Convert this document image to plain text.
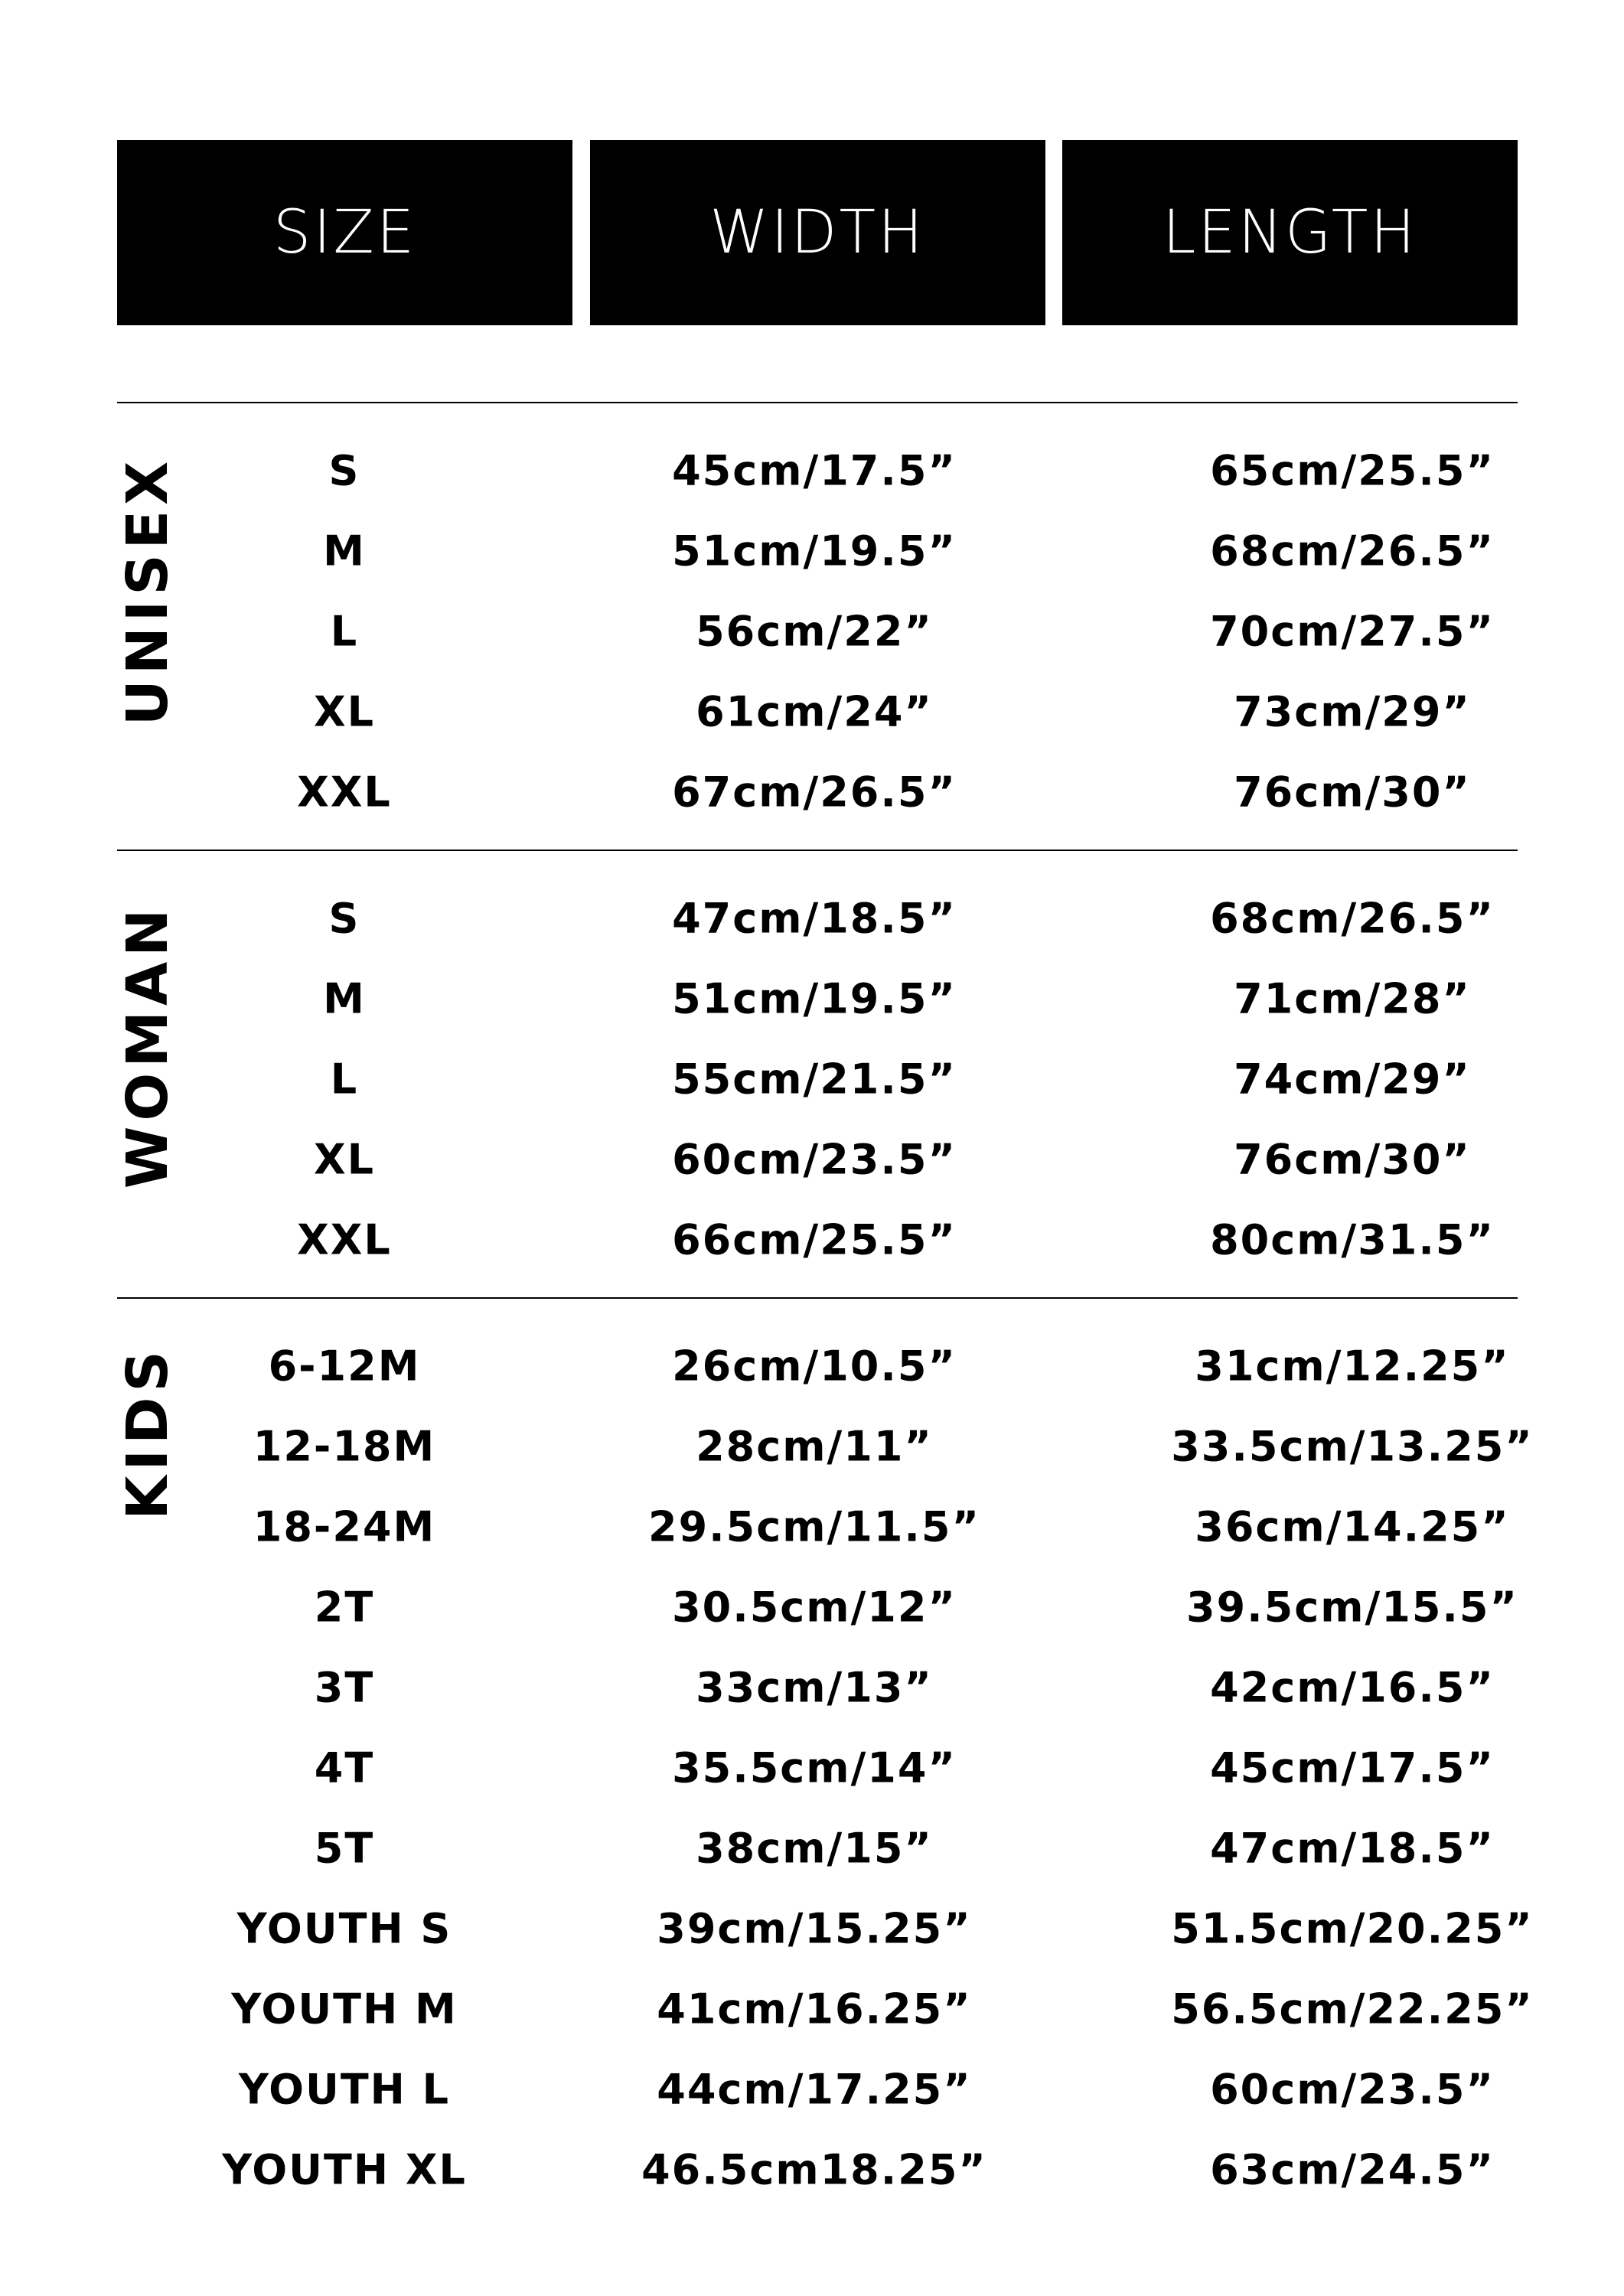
SIZE	WIDTH	LENGTH
UNISEX	S	45cm/17.5”	65cm/25.5”
M	51cm/19.5”	68cm/26.5”
L	56cm/22”	70cm/27.5”
XL	61cm/24”	73cm/29”
XXL	67cm/26.5”	76cm/30”
WOMAN	S	47cm/18.5”	68cm/26.5”
M	51cm/19.5”	71cm/28”
L	55cm/21.5”	74cm/29”
XL	60cm/23.5”	76cm/30”
XXL	66cm/25.5”	80cm/31.5”
KIDS 6-12M	26cm/10.5”	31cm/12.25”
12-18M	28cm/11”	33.5cm/13.25”
18-24M	29.5cm/11.5”	36cm/14.25”
2T	30.5cm/12”	39.5cm/15.5”
3T	33cm/13”	42cm/16.5”
4T	35.5cm/14”	45cm/17.5”
5T	38cm/15”	47cm/18.5”
YOUTH S	39cm/15.25”	51.5cm/20.25”
YOUTH M	41cm/16.25”	56.5cm/22.25”
YOUTH L	44cm/17.25”	60cm/23.5”
YOUTH XL	46.5cm18.25”	63cm/24.5”
